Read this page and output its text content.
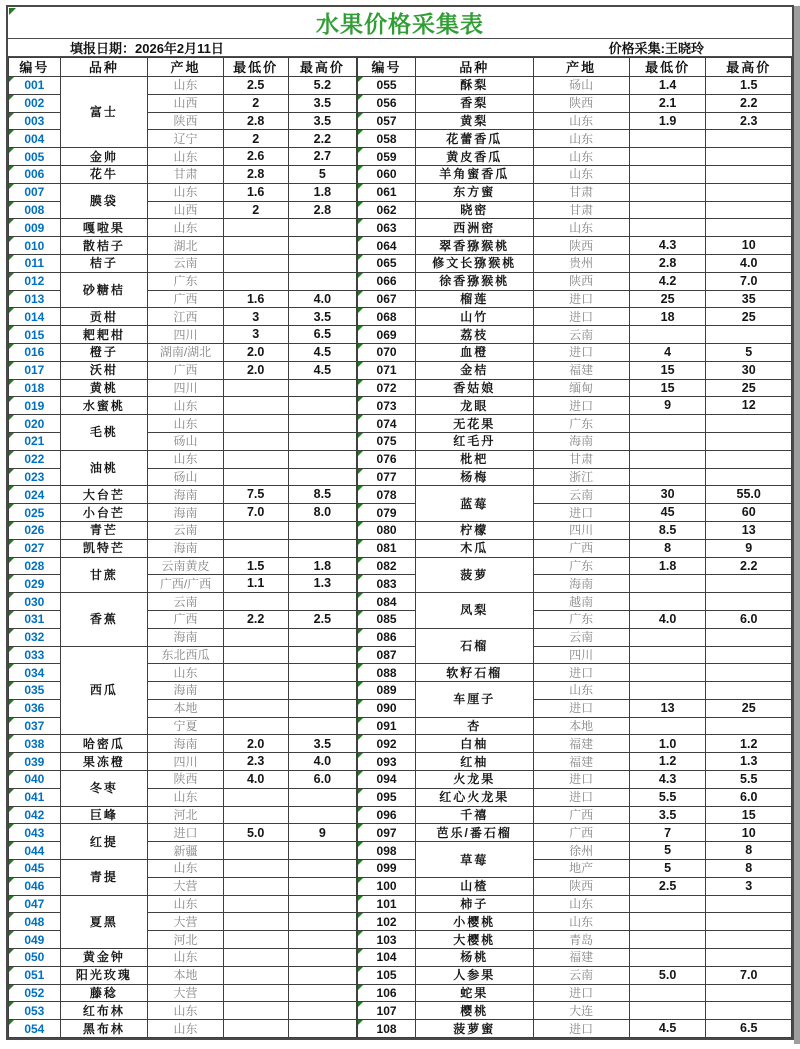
水果价格采集表
填报日期：2026年2月11日	价格采集:王晓玲
编号	品种	产地	最低价	最高价

001	富士	山东	2.5	5.2

002		山西	2	3.5

003		陕西	2.8	3.5

004		辽宁	2	2.2

005	金帅	山东	2.6	2.7

006	花牛	甘肃	2.8	5

007	膜袋	山东	1.6	1.8

008		山西	2	2.8

009	嘎啦果	山东		

010	散桔子	湖北		

011	桔子	云南		

012	砂糖桔	广东		

013		广西	1.6	4.0

014	贡柑	江西	3	3.5

015	耙耙柑	四川	3	6.5

016	橙子	湖南/湖北	2.0	4.5

017	沃柑	广西	2.0	4.5

018	黄桃	四川		

019	水蜜桃	山东		

020	毛桃	山东		

021		砀山		

022	油桃	山东		

023		砀山		

024	大台芒	海南	7.5	8.5

025	小台芒	海南	7.0	8.0

026	青芒	云南		

027	凯特芒	海南		

028	甘蔗	云南黄皮	1.5	1.8

029		广西/广西	1.1	1.3

030	香蕉	云南		

031		广西	2.2	2.5

032		海南		

033	西瓜	东北西瓜		

034		山东		

035		海南		

036		本地		

037		宁夏		

038	哈密瓜	海南	2.0	3.5

039	果冻橙	四川	2.3	4.0

040	冬枣	陕西	4.0	6.0

041		山东		

042	巨峰	河北		

043	红提	进口	5.0	9

044		新疆		

045	青提	山东		

046		大营		

047	夏黑	山东		

048		大营		

049		河北		

050	黄金钟	山东		

051	阳光玫瑰	本地		

052	藤稔	大营		

053	红布林	山东		

054	黑布林	山东		
编号	品种	产地	最低价	最高价

055	酥梨	砀山	1.4	1.5

056	香梨	陕西	2.1	2.2

057	黄梨	山东	1.9	2.3

058	花蕾香瓜	山东		

059	黄皮香瓜	山东		

060	羊角蜜香瓜	山东		

061	东方蜜	甘肃		

062	晓密	甘肃		

063	西洲密	山东		

064	翠香猕猴桃	陕西	4.3	10

065	修文长猕猴桃	贵州	2.8	4.0

066	徐香猕猴桃	陕西	4.2	7.0

067	榴莲	进口	25	35

068	山竹	进口	18	25

069	荔枝	云南		

070	血橙	进口	4	5

071	金桔	福建	15	30

072	香姑娘	缅甸	15	25

073	龙眼	进口	9	12

074	无花果	广东		

075	红毛丹	海南		

076	枇杷	甘肃		

077	杨梅	浙江		

078	蓝莓	云南	30	55.0

079		进口	45	60

080	柠檬	四川	8.5	13

081	木瓜	广西	8	9

082	菠萝	广东	1.8	2.2

083		海南		

084	凤梨	越南		

085		广东	4.0	6.0

086	石榴	云南		

087		四川		

088	软籽石榴	进口		

089	车厘子	山东		

090		进口	13	25

091	杏	本地		

092	白柚	福建	1.0	1.2

093	红柚	福建	1.2	1.3

094	火龙果	进口	4.3	5.5

095	红心火龙果	进口	5.5	6.0

096	千禧	广西	3.5	15

097	芭乐/番石榴	广西	7	10

098	草莓	徐州	5	8

099		地产	5	8

100	山楂	陕西	2.5	3

101	柿子	山东		

102	小樱桃	山东		

103	大樱桃	青岛		

104	杨桃	福建		

105	人参果	云南	5.0	7.0

106	蛇果	进口		

107	樱桃	大连		

108	菠萝蜜	进口	4.5	6.5
